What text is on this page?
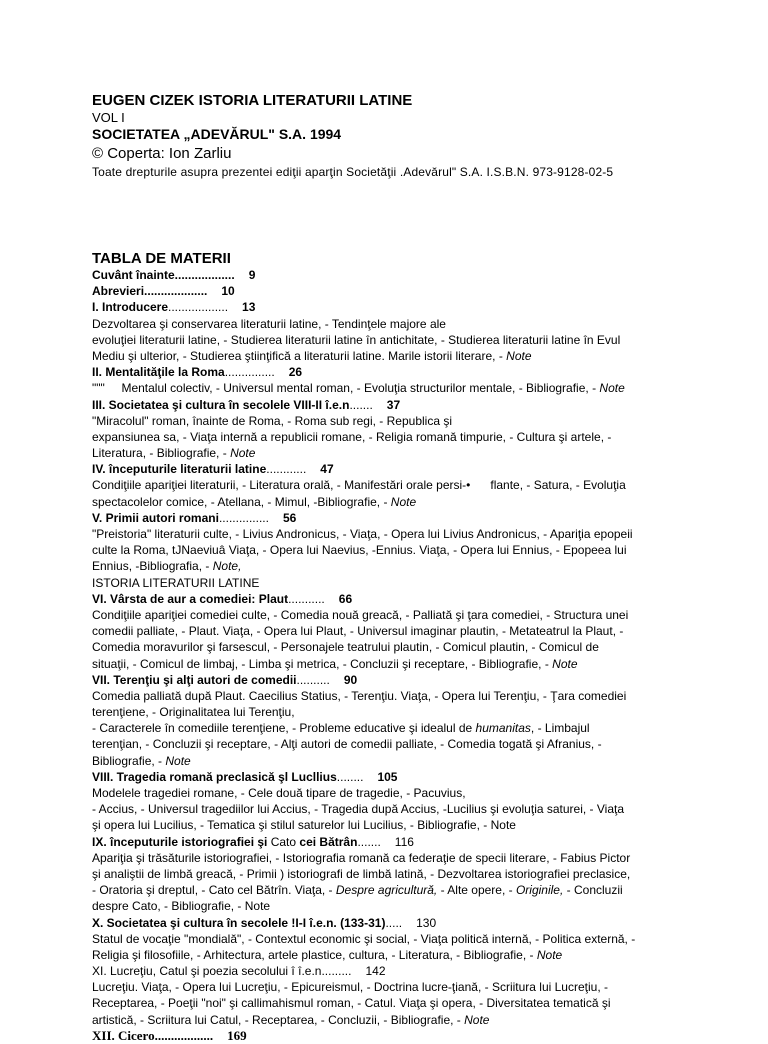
EUGEN CIZEK ISTORIA LITERATURII LATINE
VOL I
SOCIETATEA „ADEVĂRUL" S.A. 1994
© Coperta: Ion Zarliu
Toate drepturile asupra prezentei ediţii aparţin Societăţii .Adevărul" S.A. I.S.B.N. 973-9128-02-5
TABLA DE MATERII
Cuvânt înainte.................. 9
Abrevieri................... 10
I. Introducere.................. 13
Dezvoltarea şi conservarea literaturii latine, - Tendinţele majore ale
evoluţiei literaturii latine, - Studierea literaturii latine în antichitate, - Studierea literaturii latine în Evul
Mediu şi ulterior, - Studierea ştiinţifică a literaturii latine. Marile istorii literare, - Note
II. Mentalităţile la Roma............... 26
"""     Mentalul colectiv, - Universul mental roman, - Evoluţia structurilor mentale, - Bibliografie, - Note
III. Societatea şi cultura în secolele VIII-II î.e.n....... 37
"Miracolul" roman, înainte de Roma, - Roma sub regi, - Republica şi
expansiunea sa, - Viaţa internă a republicii romane, - Religia romană timpurie, - Cultura şi artele, -
Literatura, - Bibliografie, - Note
IV. începuturile literaturii latine............ 47
Condiţiile apariţiei literaturii, - Literatura orală, - Manifestări orale persi-•      flante, - Satura, - Evoluţia
spectacolelor comice, - Atellana, - Mimul, -Bibliografie, - Note
V. Primii autori romani............... 56
"Preistoria" literaturii culte, - Livius Andronicus, - Viaţa, - Opera lui Livius Andronicus, - Apariţia epopeii
culte la Roma, tJNaeviuâ Viaţa, - Opera lui Naevius, -Ennius. Viaţa, - Opera lui Ennius, - Epopeea lui
Ennius, -Bibliografia, - Note,
ISTORIA LITERATURII LATINE
VI. Vârsta de aur a comediei: Plaut........... 66
Condiţiile apariţiei comediei culte, - Comedia nouă greacă, - Palliată şi ţara comediei, - Structura unei
comedii palliate, - Plaut. Viaţa, - Opera lui Plaut, - Universul imaginar plautin, - Metateatrul la Plaut, -
Comedia moravurilor şi farsescul, - Personajele teatrului plautin, - Comicul plautin, - Comicul de
situaţii, - Comicul de limbaj, - Limba şi metrica, - Concluzii şi receptare, - Bibliografie, - Note
VII. Terenţiu şi alţi autori de comedii.......... 90
Comedia palliată după Plaut. Caecilius Statius, - Terenţiu. Viaţa, - Opera lui Terenţiu, - Ţara comediei
terenţiene, - Originalitatea lui Terenţiu,
- Caracterele în comediile terenţiene, - Probleme educative şi idealul de humanitas, - Limbajul
terenţian, - Concluzii şi receptare, - Alţi autori de comedii palliate, - Comedia togată şi Afranius, -
Bibliografie, - Note
VIII. Tragedia romană preclasică şl Lucllius........ 105
Modelele tragediei romane, - Cele două tipare de tragedie, - Pacuvius,
- Accius, - Universul tragediilor lui Accius, - Tragedia după Accius, -Lucilius şi evoluţia saturei, - Viaţa
şi opera lui Lucilius, - Tematica şi stilul saturelor lui Lucilius, - Bibliografie, - Note
IX. începuturile istoriografiei şi Cato cei Bătrân....... 116
Apariţia şi trăsăturile istoriografiei, - Istoriografia romană ca federaţie de specii literare, - Fabius Pictor
şi analiştii de limbă greacă, - Primii ) istoriografi de limbă latină, - Dezvoltarea istoriografiei preclasice,
- Oratoria şi dreptul, - Cato cel Bătrîn. Viaţa, - Despre agricultură, - Alte opere, - Originile, - Concluzii
despre Cato, - Bibliografie, - Note
X. Societatea şi cultura în secolele !I-I î.e.n. (133-31)..... 130
Statul de vocaţie "mondială", - Contextul economic şi social, - Viaţa politică internă, - Politica externă, -
Religia şi filosofiile, - Arhitectura, artele plastice, cultura, - Literatura, - Bibliografie, - Note
XI. Lucreţiu, Catul şi poezia secolului î î.e.n......... 142
Lucreţiu. Viaţa, - Opera lui Lucreţiu, - Epicureismul, - Doctrina lucre-ţiană, - Scriitura lui Lucreţiu, -
Receptarea, - Poeţii "noi" şi callimahismul roman, - Catul. Viaţa şi opera, - Diversitatea tematică şi
artistică, - Scriitura lui Catul, - Receptarea, - Concluzii, - Bibliografie, - Note
XII. Cicero.................. 169
